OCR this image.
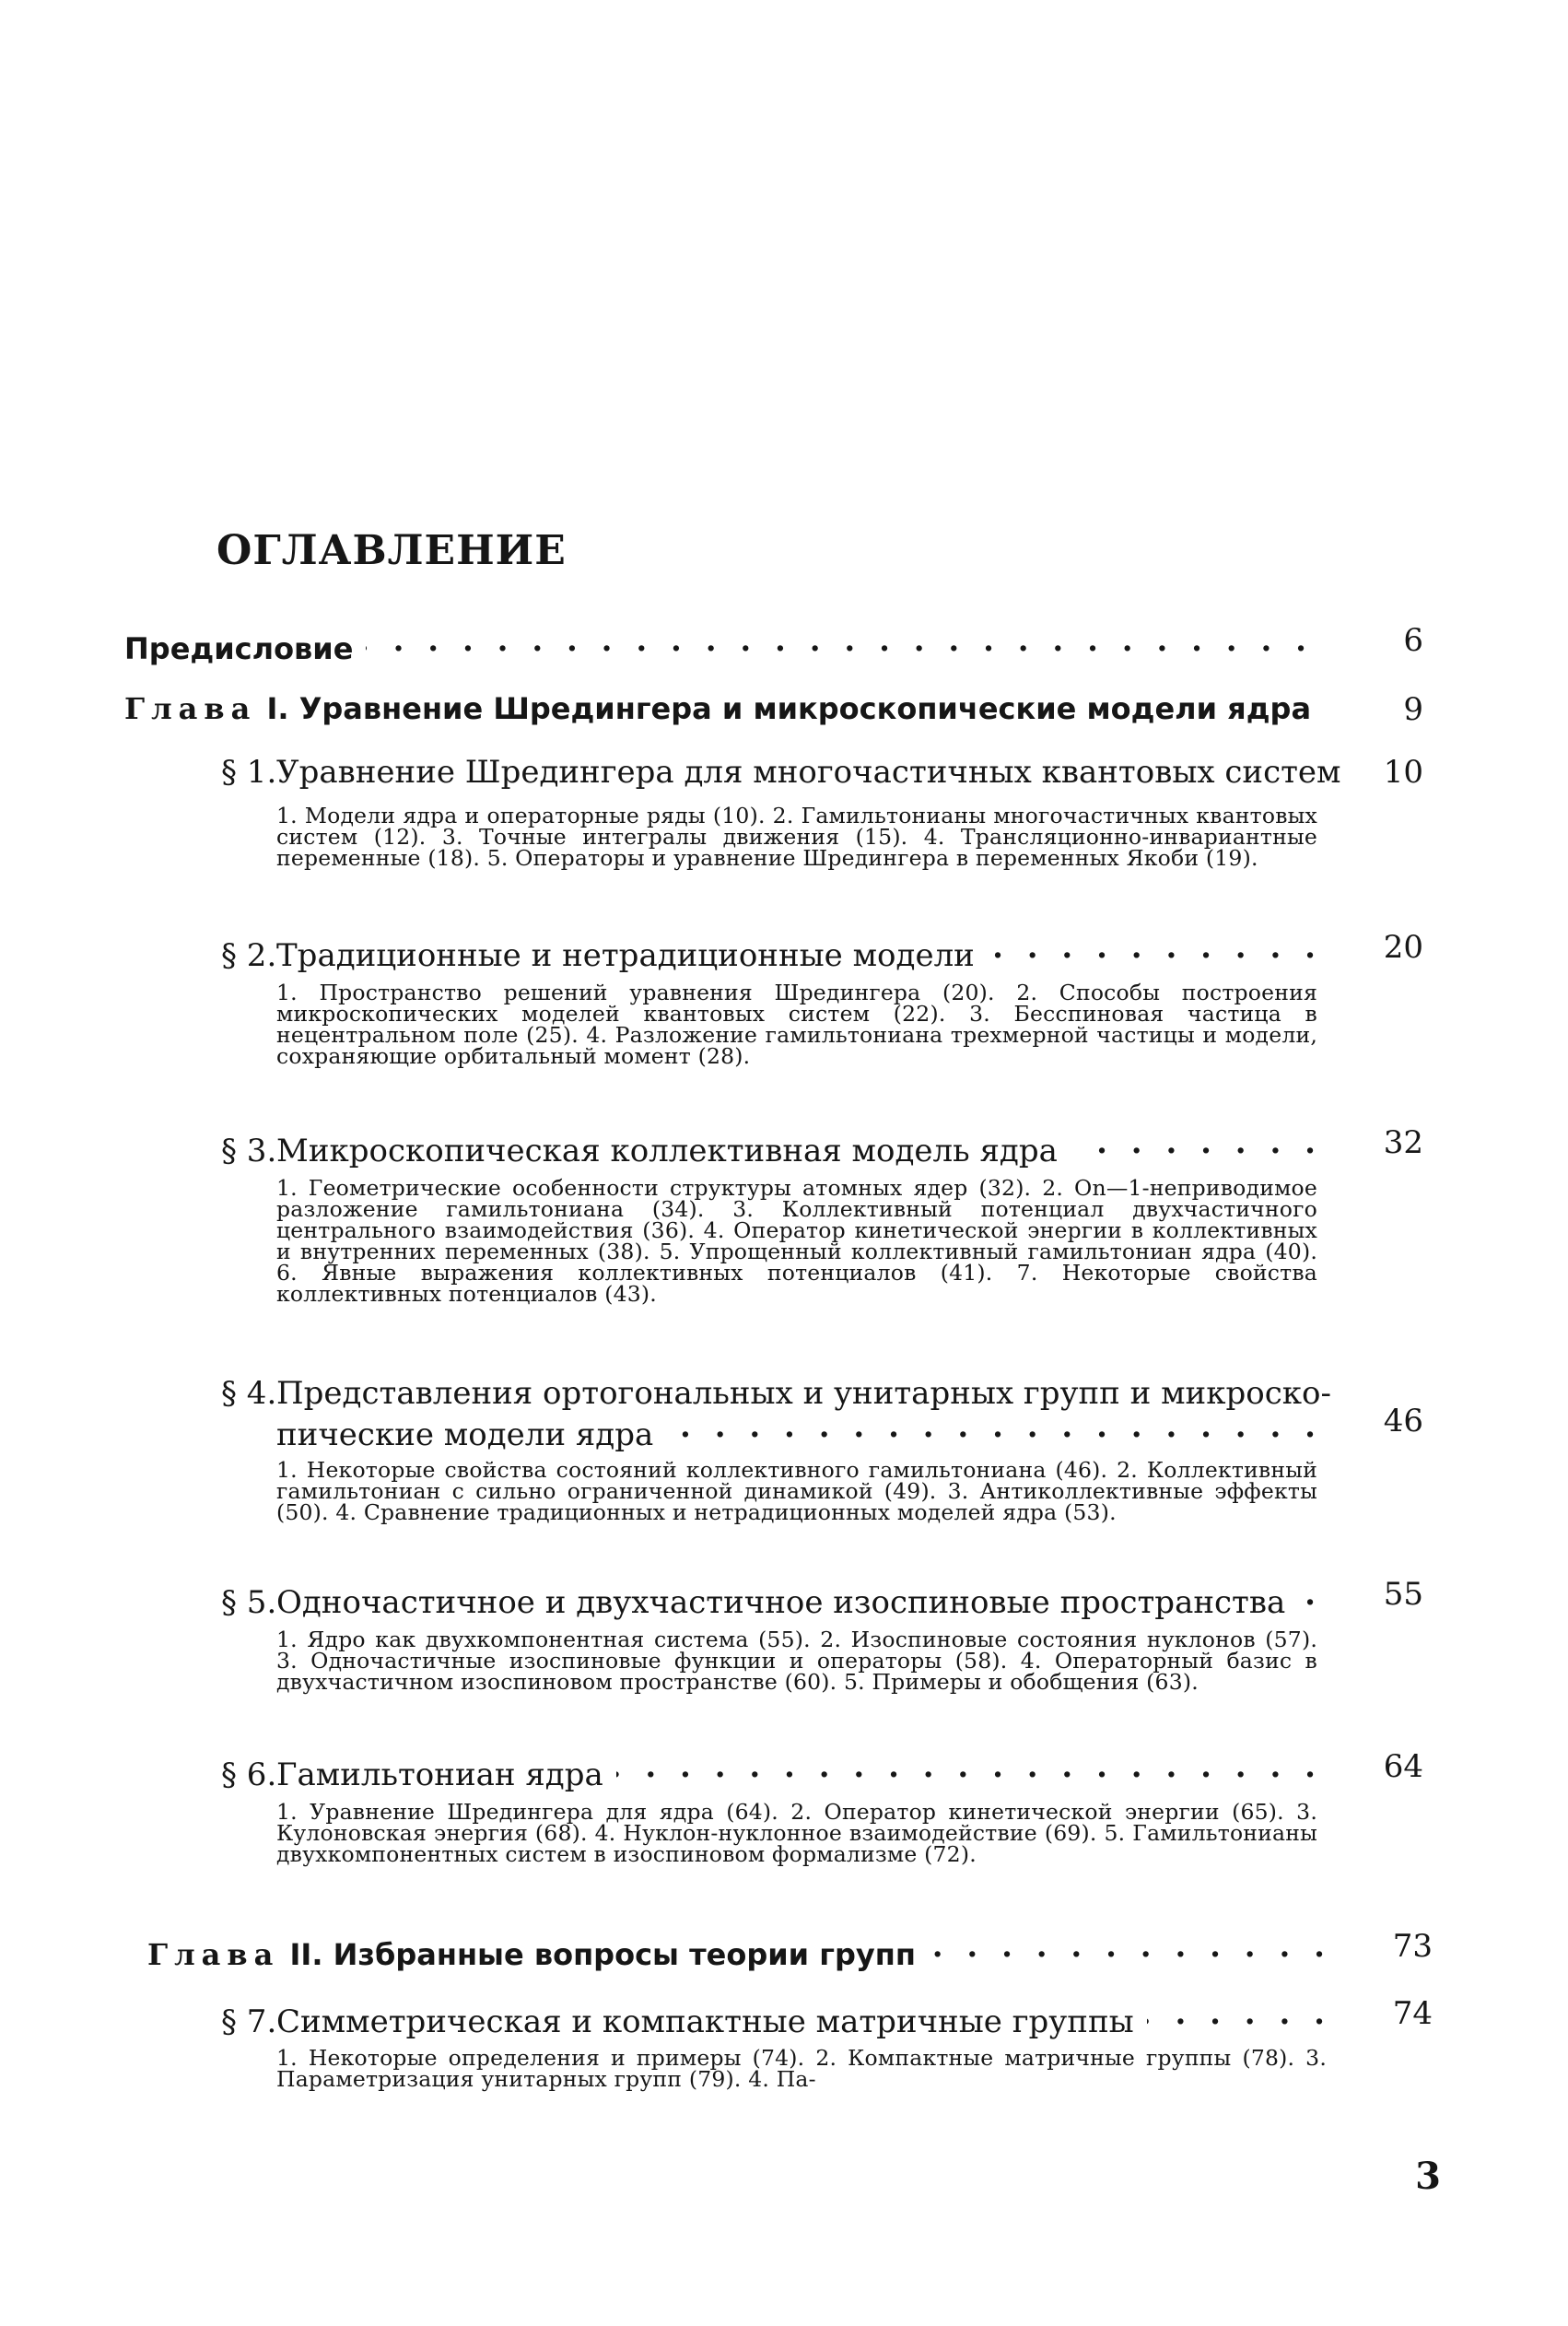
ОГЛАВЛЕНИЕ
Предисловие . . .	6
Глава I. Уравнение Шредингера и микроскопические модели ядра	9
§ 1.Уравнение Шредингера для многочастичных квантовых систем	10
1. Модели ядра и операторные ряды (10). 2. Гамильтонианы многочастичных квантовых систем (12). 3. Точные интегралы движения (15). 4. Трансляционно-инвариантные переменные (18). 5. Операторы и уравнение Шредингера в переменных Якоби (19).
§ 2.Традиционные и нетрадиционные модели . . .	20
1. Пространство решений уравнения Шредингера (20). 2. Способы построения микроскопических моделей квантовых систем (22). 3. Бесспиновая частица в нецентральном поле (25). 4. Разложение гамильтониана трехмерной частицы и модели, сохраняющие орбитальный момент (28).
§ 3.Микроскопическая коллективная модель ядра . . .	32
1. Геометрические особенности структуры атомных ядер (32). 2. Оn—1-неприводимое разложение гамильтониана (34). 3. Коллективный потенциал двухчастичного центрального взаимодействия (36). 4. Оператор кинетической энергии в коллективных и внутренних переменных (38). 5. Упрощенный коллективный гамильтониан ядра (40). 6. Явные выражения коллективных потенциалов (41). 7. Некоторые свойства коллективных потенциалов (43).
§ 4.Представления ортогональных и унитарных групп и микроско-
пические модели ядра . . .	46
1. Некоторые свойства состояний коллективного гамильтониана (46). 2. Коллективный гамильтониан с сильно ограниченной динамикой (49). 3. Антиколлективные эффекты (50). 4. Сравнение традиционных и нетрадиционных моделей ядра (53).
§ 5.Одночастичное и двухчастичное изоспиновые пространства . . .	55
1. Ядро как двухкомпонентная система (55). 2. Изоспиновые состояния нуклонов (57). 3. Одночастичные изоспиновые функции и операторы (58). 4. Операторный базис в двухчастичном изоспиновом пространстве (60). 5. Примеры и обобщения (63).
§ 6.Гамильтониан ядра . . .	64
1. Уравнение Шредингера для ядра (64). 2. Оператор кинетической энергии (65). 3. Кулоновская энергия (68). 4. Нуклон-нуклонное взаимодействие (69). 5. Гамильтонианы двухкомпонентных систем в изоспиновом формализме (72).
Глава II. Избранные вопросы теории групп . . .	73
§ 7.Симметрическая и компактные матричные группы . . .	74
1. Некоторые определения и примеры (74). 2. Компактные матричные группы (78). 3. Параметризация унитарных групп (79). 4. Па-
3
